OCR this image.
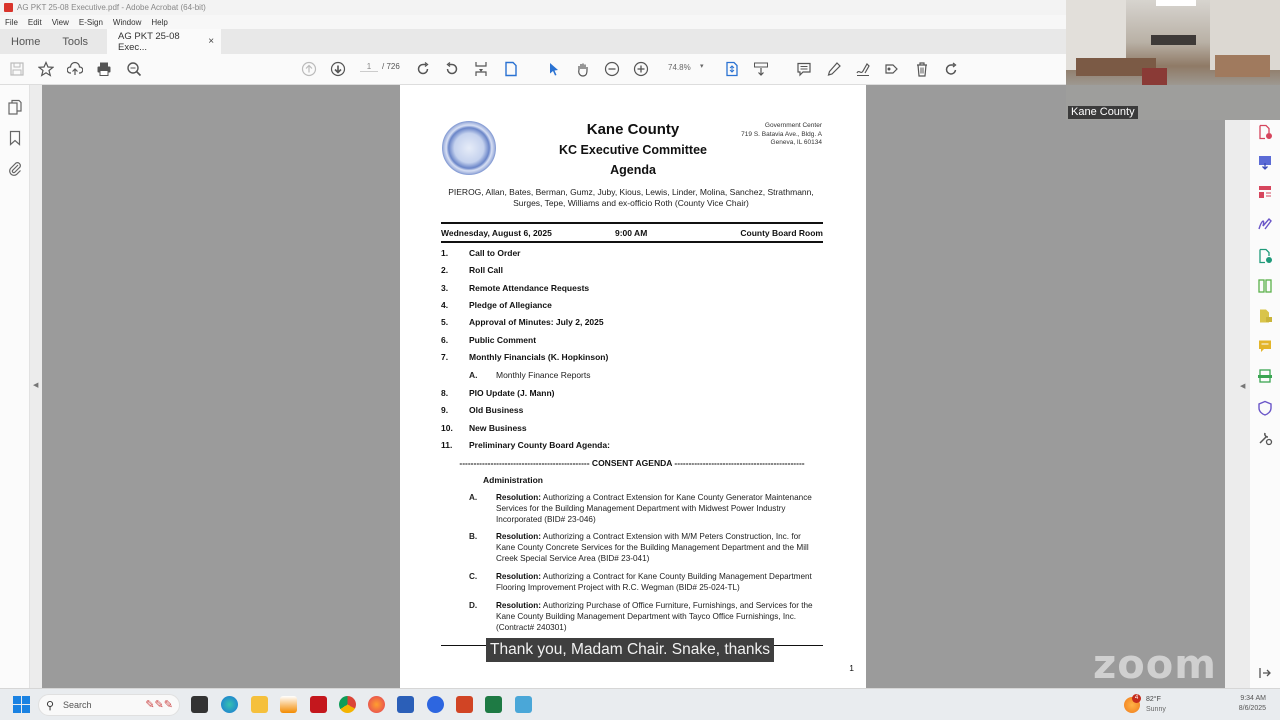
AG PKT 25-08 Executive.pdf - Adobe Acrobat (64-bit)
File Edit View E-Sign Window Help
Home	Tools	AG PKT 25-08 Exec...	×
1	/ 726	74.8% ▾
◀
Kane County
KC Executive Committee
Agenda
Government Center
719 S. Batavia Ave., Bldg. A
Geneva, IL 60134
PIEROG, Allan, Bates, Berman, Gumz, Juby, Kious, Lewis, Linder, Molina, Sanchez, Strathmann, Surges, Tepe, Williams and ex-officio Roth (County Vice Chair)
Wednesday, August 6, 2025	9:00 AM	County Board Room
1. Call to Order
2. Roll Call
3. Remote Attendance Requests
4. Pledge of Allegiance
5. Approval of Minutes: July 2, 2025
6. Public Comment
7. Monthly Financials (K. Hopkinson)
A. Monthly Finance Reports
8. PIO Update (J. Mann)
9. Old Business
10. New Business
11. Preliminary County Board Agenda:
---------------------------------------------- CONSENT AGENDA ----------------------------------------------
Administration
A. Resolution: Authorizing a Contract Extension for Kane County Generator Maintenance Services for the Building Management Department with Midwest Power Industry Incorporated (BID# 23-046)
B. Resolution: Authorizing a Contract Extension with M/M Peters Construction, Inc. for Kane County Concrete Services for the Building Management Department and the Mill Creek Special Service Area (BID# 23-041)
C. Resolution: Authorizing a Contract for Kane County Building Management Department Flooring Improvement Project with R.C. Wegman (BID# 25-024-TL)
D. Resolution: Authorizing Purchase of Office Furniture, Furnishings, and Services for the Kane County Building Management Department with Tayco Office Furnishings, Inc. (Contract# 240301)
1
Thank you, Madam Chair. Snake, thanks
◀
Kane County
zoom
⚲ Search	✎✎✎
4	82°F
Sunny
9:34 AM
8/6/2025
